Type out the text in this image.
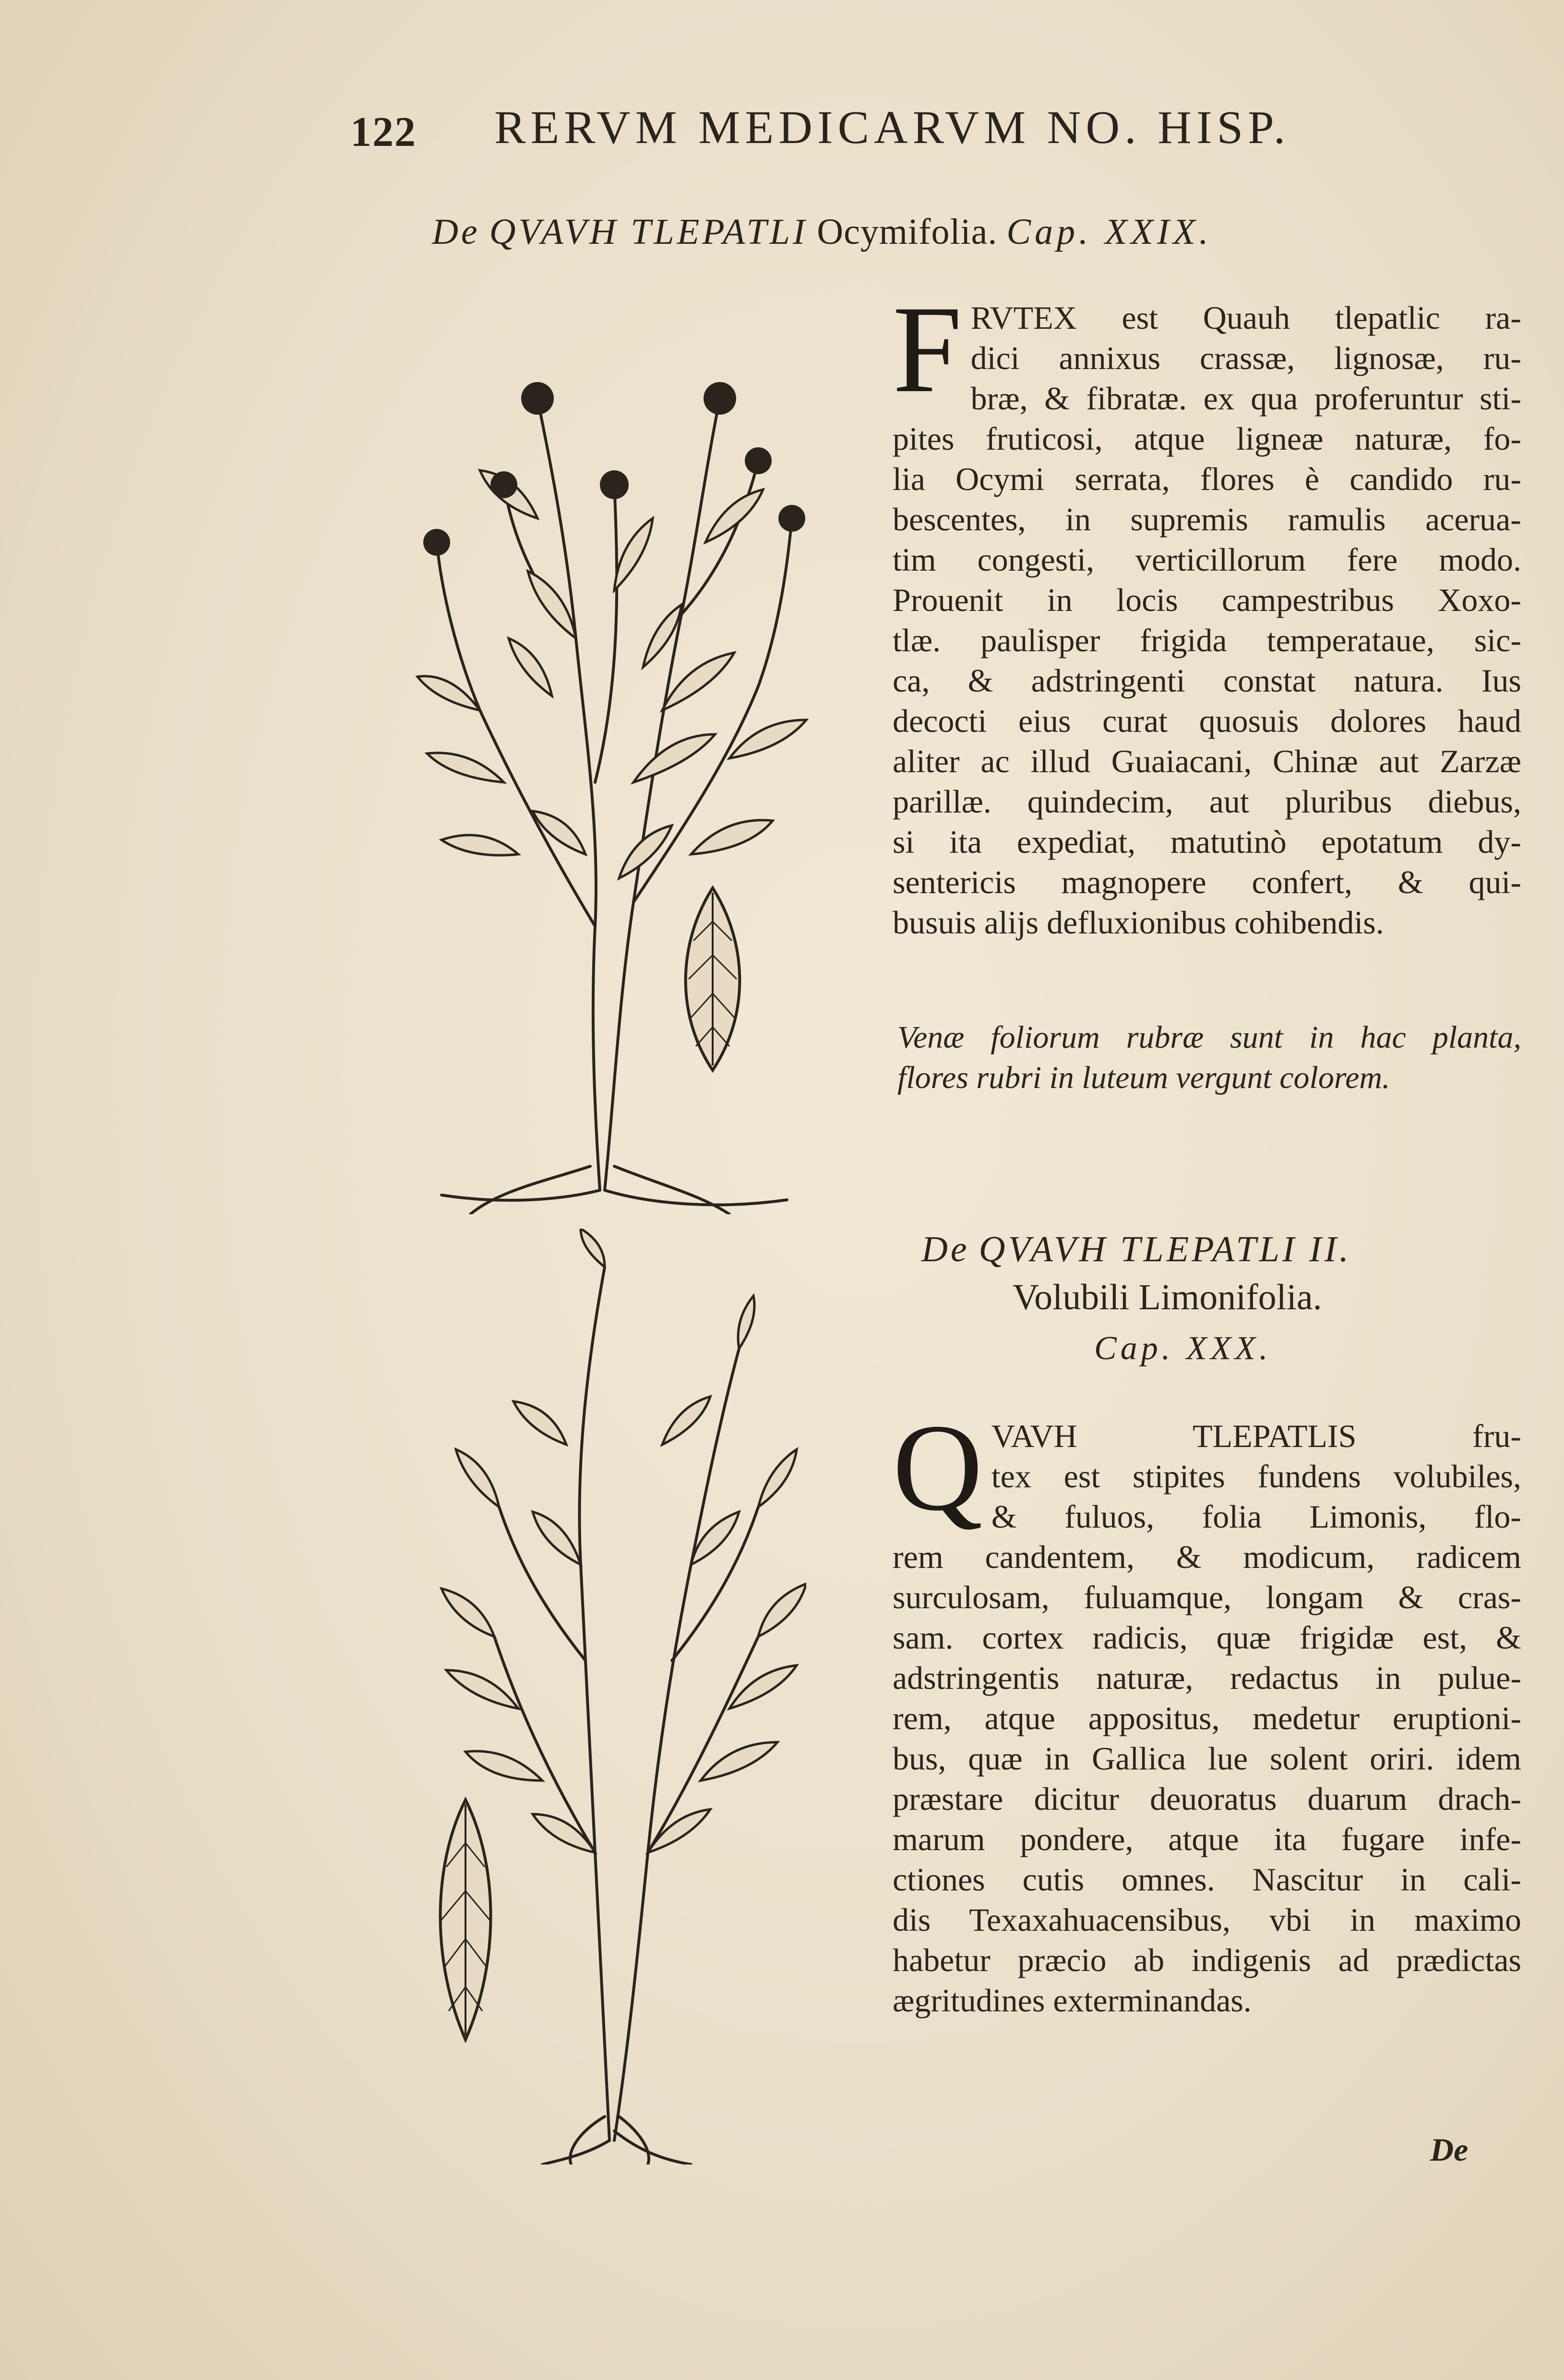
122 RERVM MEDICARVM NO. HISP.
De QVAVH TLEPATLI Ocymifolia. Cap. XXIX.
F RVTEX est Quauh tlepatlic ra-
dici annixus crassæ, lignosæ, ru-
bræ, & fibratæ. ex qua proferuntur sti-
pites fruticosi, atque ligneæ naturæ, fo-
lia Ocymi serrata, flores è candido ru-
bescentes, in supremis ramulis acerua-
tim congesti, verticillorum fere modo.
Prouenit in locis campestribus Xoxo-
tlæ. paulisper frigida temperataue, sic-
ca, & adstringenti constat natura. Ius
decocti eius curat quosuis dolores haud
aliter ac illud Guaiacani, Chinæ aut Zarzæ
parillæ. quindecim, aut pluribus diebus,
si ita expediat, matutinò epotatum dy-
sentericis magnopere confert, & qui-
busuis alijs defluxionibus cohibendis.
Venæ foliorum rubræ sunt in hac planta,
flores rubri in luteum vergunt colorem.
De QVAVH TLEPATLI II.
Volubili Limonifolia.
Cap. XXX.
Q VAVH TLEPATLIS fru-
tex est stipites fundens volubiles,
& fuluos, folia Limonis, flo-
rem candentem, & modicum, radicem
surculosam, fuluamque, longam & cras-
sam. cortex radicis, quæ frigidæ est, &
adstringentis naturæ, redactus in pulue-
rem, atque appositus, medetur eruptioni-
bus, quæ in Gallica lue solent oriri. idem
præstare dicitur deuoratus duarum drach-
marum pondere, atque ita fugare infe-
ctiones cutis omnes. Nascitur in cali-
dis Texaxahuacensibus, vbi in maximo
habetur præcio ab indigenis ad prædictas
ægritudines exterminandas.
De
